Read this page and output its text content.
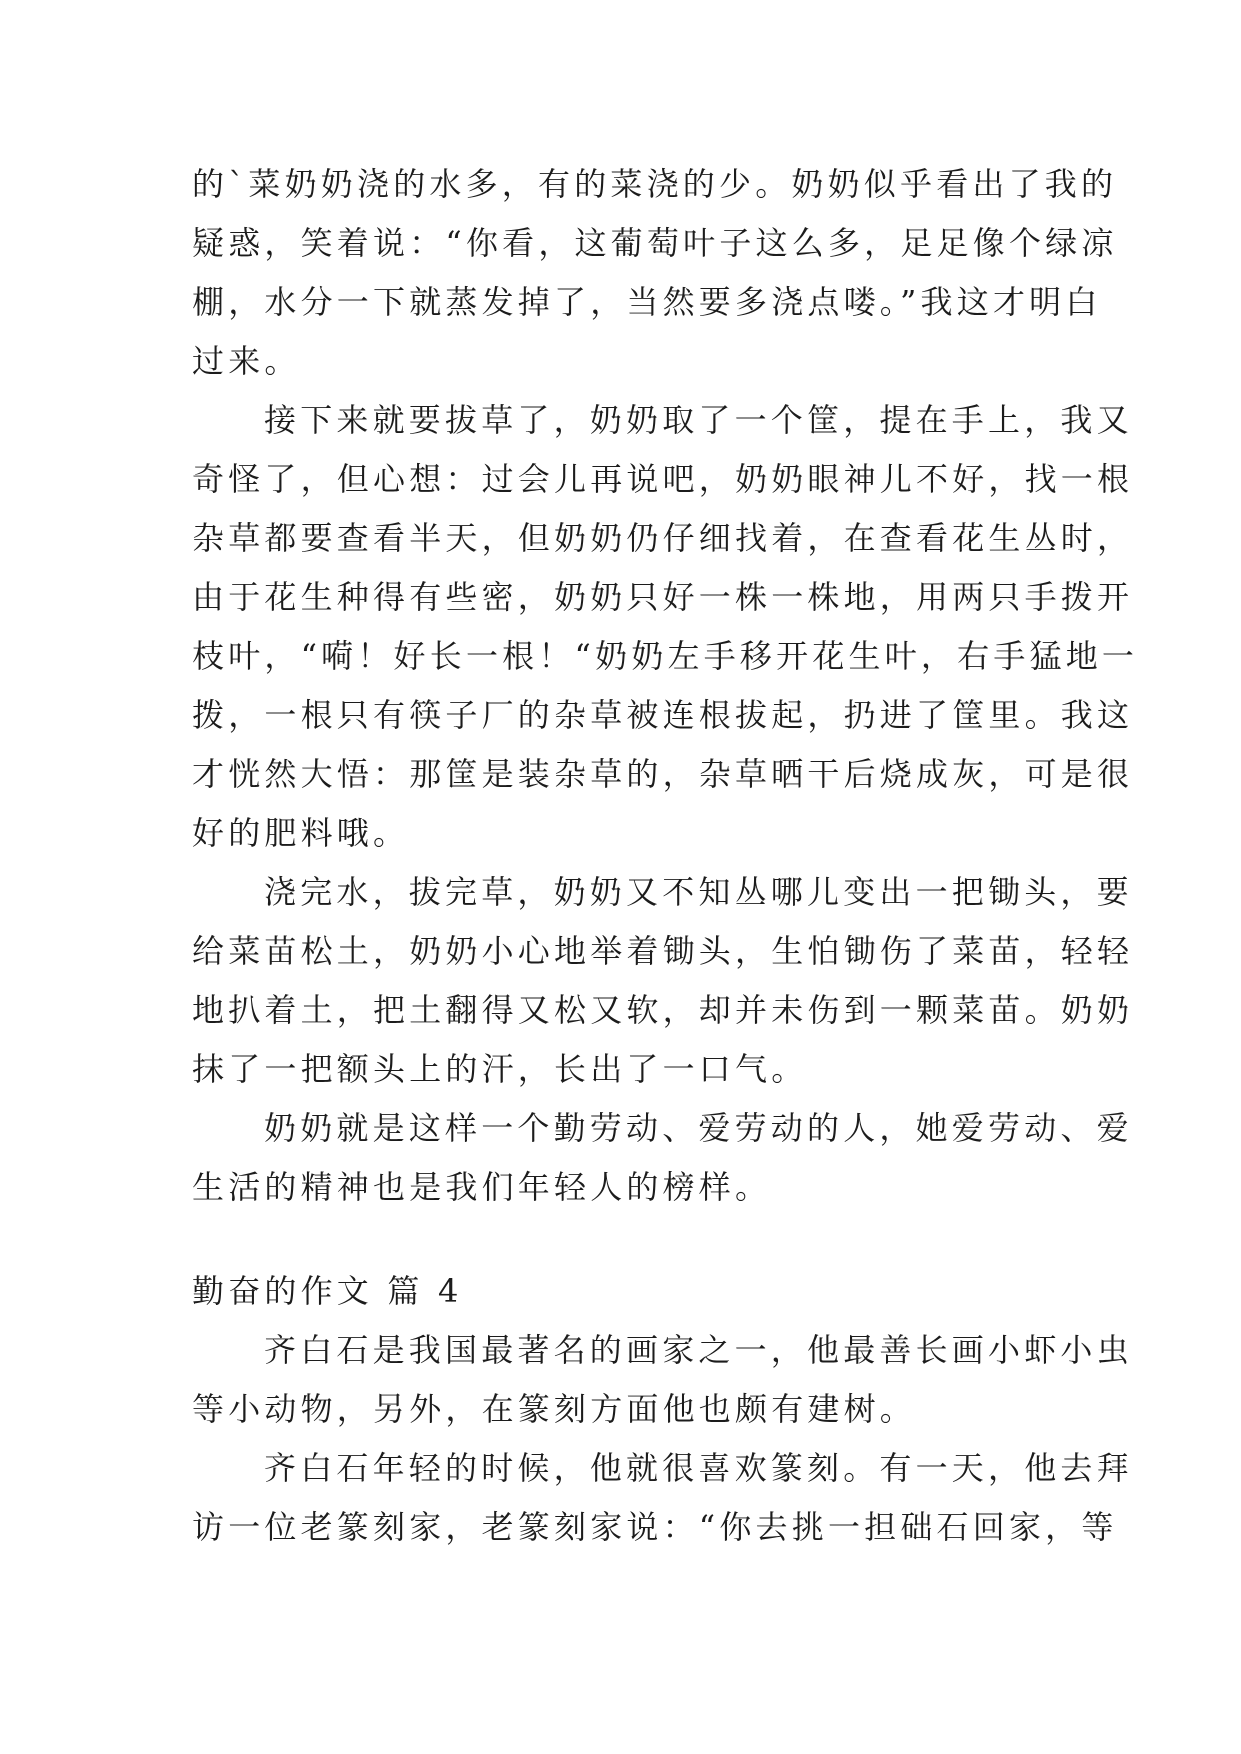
的`菜奶奶浇的水多，有的菜浇的少。奶奶似乎看出了我的
疑惑，笑着说：“你看，这葡萄叶子这么多，足足像个绿凉
棚，水分一下就蒸发掉了，当然要多浇点喽。”我这才明白
过来。
接下来就要拔草了，奶奶取了一个筐，提在手上，我又
奇怪了，但心想：过会儿再说吧，奶奶眼神儿不好，找一根
杂草都要查看半天，但奶奶仍仔细找着，在查看花生丛时，
由于花生种得有些密，奶奶只好一株一株地，用两只手拨开
枝叶，“嗬！好长一根！“奶奶左手移开花生叶，右手猛地一
拨，一根只有筷子厂的杂草被连根拔起，扔进了筐里。我这
才恍然大悟：那筐是装杂草的，杂草晒干后烧成灰，可是很
好的肥料哦。
浇完水，拔完草，奶奶又不知丛哪儿变出一把锄头，要
给菜苗松土，奶奶小心地举着锄头，生怕锄伤了菜苗，轻轻
地扒着土，把土翻得又松又软，却并未伤到一颗菜苗。奶奶
抹了一把额头上的汗，长出了一口气。
奶奶就是这样一个勤劳动、爱劳动的人，她爱劳动、爱
生活的精神也是我们年轻人的榜样。
勤奋的作文 篇 4
齐白石是我国最著名的画家之一，他最善长画小虾小虫
等小动物，另外，在篆刻方面他也颇有建树。
齐白石年轻的时候，他就很喜欢篆刻。有一天，他去拜
访一位老篆刻家，老篆刻家说：“你去挑一担础石回家，等
